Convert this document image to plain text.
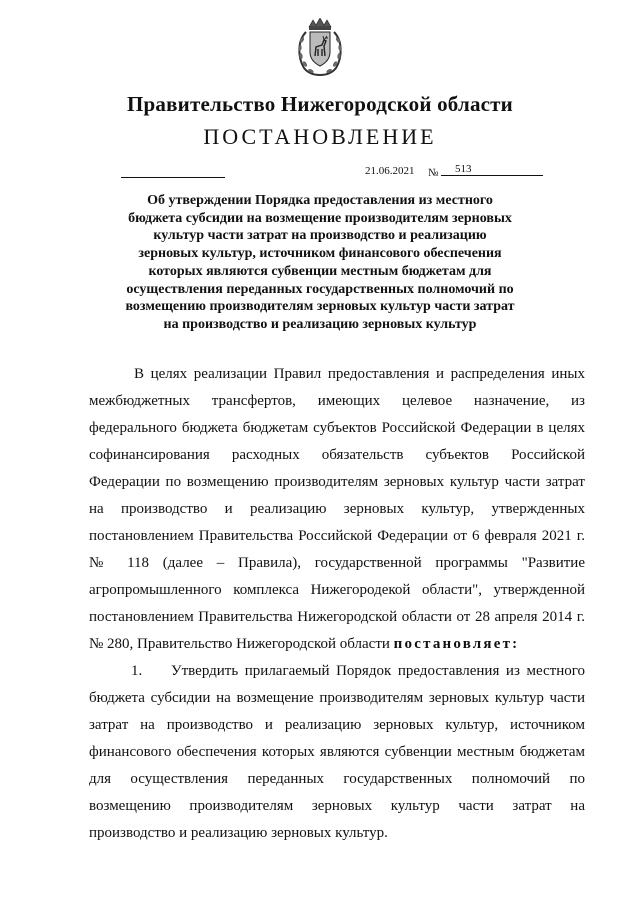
Правительство Нижегородской области
ПОСТАНОВЛЕНИЕ
21.06.2021 №	513
Об утверждении Порядка предоставления из местного
бюджета субсидии на возмещение производителям зерновых
культур части затрат на производство и реализацию
зерновых культур, источником финансового обеспечения
которых являются субвенции местным бюджетам для
осуществления переданных государственных полномочий по
возмещению производителям зерновых культур части затрат
на производство и реализацию зерновых культур

В целях реализации Правил предоставления и распределения иных межбюджетных трансфертов, имеющих целевое назначение, из федерального бюджета бюджетам субъектов Российской Федерации в целях софинансирования расходных обязательств субъектов Российской Федерации по возмещению производителям зерновых культур части затрат на производство и реализацию зерновых культур, утвержденных постановлением Правительства Российской Федерации от 6 февраля 2021 г. № 118 (далее – Правила), государственной программы "Развитие агропромышленного комплекса Нижегородекой области", утвержденной постановлением Правительства Нижегородской области от 28 апреля 2014 г. № 280, Правительство Нижегородской области постановляет:

1. Утвердить прилагаемый Порядок предоставления из местного бюджета субсидии на возмещение производителям зерновых культур части затрат на производство и реализацию зерновых культур, источником финансового обеспечения которых являются субвенции местным бюджетам для осуществления переданных государственных полномочий по возмещению производителям зерновых культур части затрат на производство и реализацию зерновых культур.
